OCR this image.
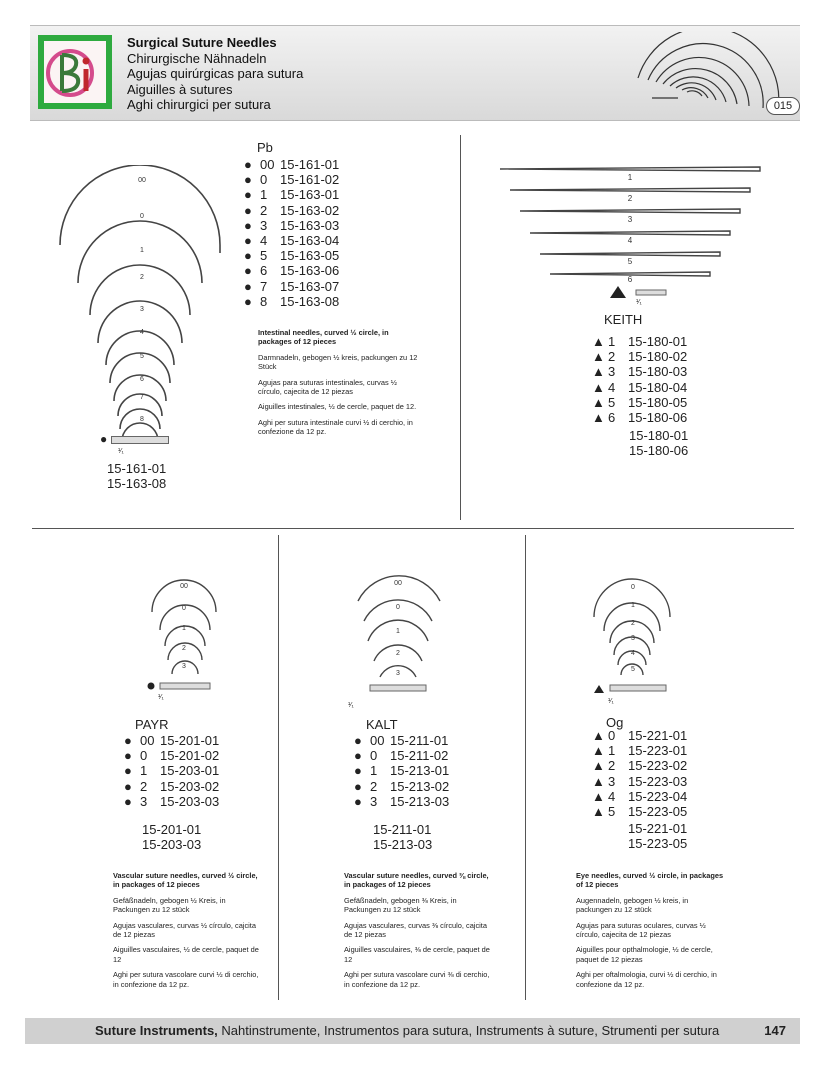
Surgical Suture Needles
Chirurgische Nähnadeln
Agujas quirúrgicas para sutura
Aiguilles à sutures
Aghi chirurgici per sutura	015
00
0
1
2
3
4
5
6
7
8
●
¹⁄₁
15-161-01
15-163-08
Pb
● 00 15-161-01
● 0 15-161-02
● 1 15-163-01
● 2 15-163-02
● 3 15-163-03
● 4 15-163-04
● 5 15-163-05
● 6 15-163-06
● 7 15-163-07
● 8 15-163-08

Intestinal needles, curved ½ circle, in packages of 12 pieces

Darmnadeln, gebogen ½ kreis, packungen zu 12 Stück

Agujas para suturas intestinales, curvas ½ círculo, cajecita de 12 piezas

Aiguilles intestinales, ½ de cercle, paquet de 12.

Aghi per sutura intestinale curvi ½ di cerchio, in confezione da 12 pz.

1
2
3
4
5
6
¹⁄₁
KEITH
▲ 1 15-180-01
▲ 2 15-180-02
▲ 3 15-180-03
▲ 4 15-180-04
▲ 5 15-180-05
▲ 6 15-180-06
15-180-01
15-180-06
00
0
1
2
3
¹⁄₁
PAYR
● 00 15-201-01
● 0 15-201-02
● 1 15-203-01
● 2 15-203-02
● 3 15-203-03
15-201-01
15-203-03

Vascular suture needles, curved ½ circle, in packages of 12 pieces

Gefäßnadeln, gebogen ½ Kreis, in Packungen zu 12 stück

Agujas vasculares, curvas ½ círculo, cajcita de 12 piezas

Aiguilles vasculaires, ½ de cercle, paquet de 12

Aghi per sutura vascolare curvi ½ di cerchio, in confezione da 12 pz.

00
0
1
2
3
¹⁄₁
KALT
● 00 15-211-01
● 0 15-211-02
● 1 15-213-01
● 2 15-213-02
● 3 15-213-03
15-211-01
15-213-03

Vascular suture needles, curved ⅜ circle, in packages of 12 pieces

Gefäßnadeln, gebogen ⅜ Kreis, in Packungen zu 12 stück

Agujas vasculares, curvas ⅜ círculo, cajcita de 12 piezas

Aiguilles vasculaires, ⅜ de cercle, paquet de 12

Aghi per sutura vascolare curvi ⅜ di cerchio, in confezione da 12 pz.

0
1
2
3
4
5
¹⁄₁
Og
▲ 0 15-221-01
▲ 1 15-223-01
▲ 2 15-223-02
▲ 3 15-223-03
▲ 4 15-223-04
▲ 5 15-223-05
15-221-01
15-223-05

Eye needles, curved ½ circle, in packages of 12 pieces

Augennadeln, gebogen ½ kreis, in packungen zu 12 stück

Agujas para suturas oculares, curvas ½ círculo, cajecita de 12 piezas

Aiguilles pour opthalmologie, ½ de cercle, paquet de 12 piezas

Aghi per oftalmologia, curvi ½ di cerchio, in confezione da 12 pz.

Suture Instruments, Nahtinstrumente, Instrumentos para sutura, Instruments à suture, Strumenti per sutura	147
